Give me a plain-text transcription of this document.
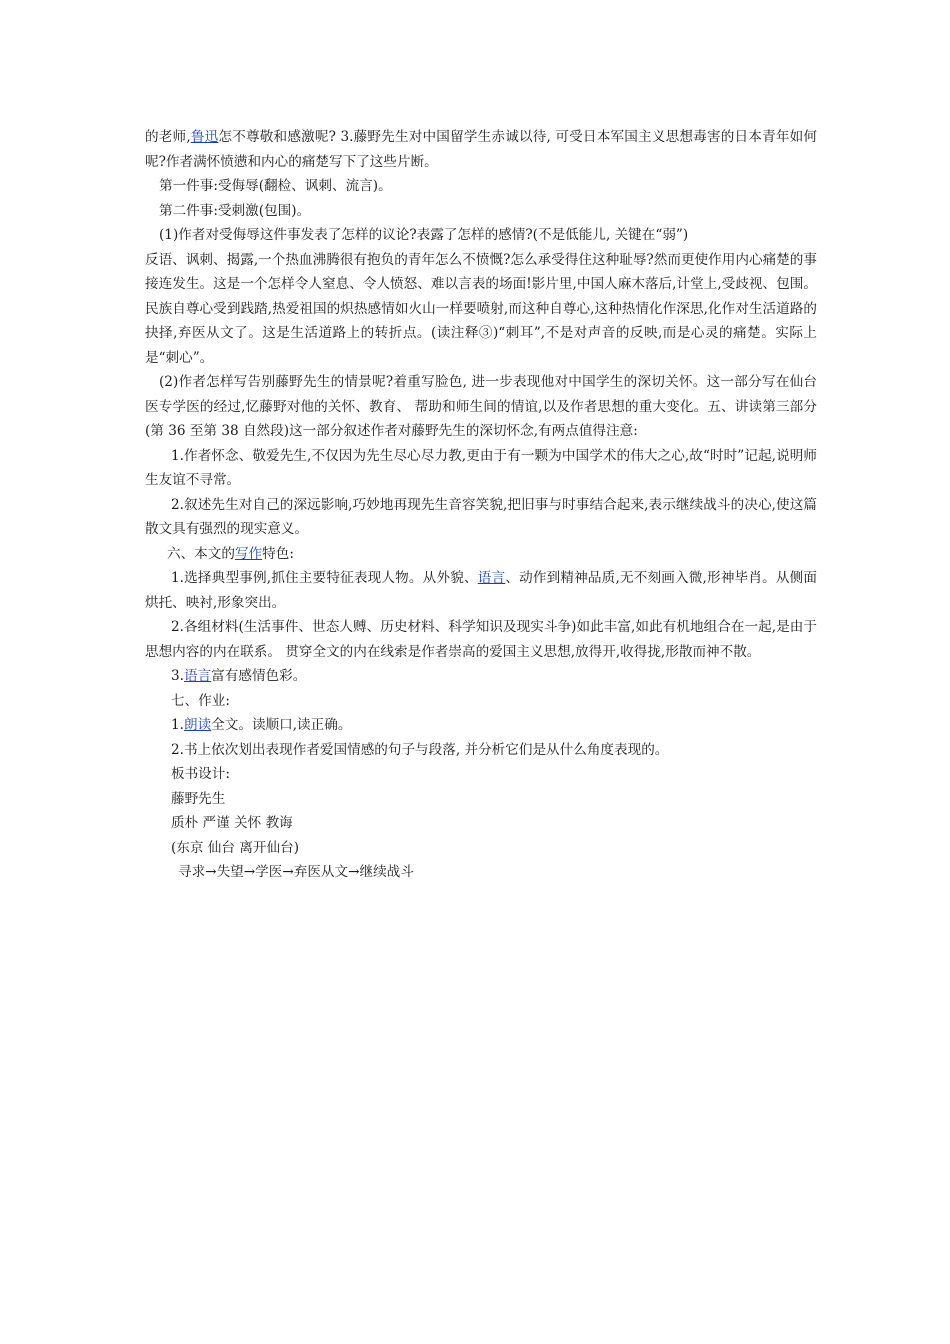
的老师,鲁迅怎不尊敬和感激呢? 3.藤野先生对中国留学生赤诚以待, 可受日本军国主义思想毒害的日本青年如何呢?作者满怀愤懑和内心的痛楚写下了这些片断。

第一件事:受侮辱(翻检、讽刺、流言)。

第二件事:受刺激(包围)。

(1)作者对受侮辱这件事发表了怎样的议论?表露了怎样的感情?(不是低能儿, 关键在“弱”)

反语、讽刺、揭露,一个热血沸腾很有抱负的青年怎么不愤慨?怎么承受得住这种耻辱?然而更使作用内心痛楚的事接连发生。这是一个怎样令人窒息、令人愤怒、难以言表的场面!影片里,中国人麻木落后,计堂上,受歧视、包围。民族自尊心受到践踏,热爱祖国的炽热感情如火山一样要喷射,而这种自尊心,这种热情化作深思,化作对生活道路的抉择,弃医从文了。这是生活道路上的转折点。(读注释③)“刺耳”,不是对声音的反映,而是心灵的痛楚。实际上是“刺心”。

(2)作者怎样写告别藤野先生的情景呢?着重写脸色, 进一步表现他对中国学生的深切关怀。这一部分写在仙台医专学医的经过,忆藤野对他的关怀、教育、 帮助和师生间的情谊,以及作者思想的重大变化。五、讲读第三部分(第 36 至第 38 自然段)这一部分叙述作者对藤野先生的深切怀念,有两点值得注意:

1.作者怀念、敬爱先生,不仅因为先生尽心尽力教,更由于有一颗为中国学术的伟大之心,故“时时”记起,说明师生友谊不寻常。

2.叙述先生对自己的深远影响,巧妙地再现先生音容笑貌,把旧事与时事结合起来,表示继续战斗的决心,使这篇散文具有强烈的现实意义。

六、本文的写作特色:

1.选择典型事例,抓住主要特征表现人物。从外貌、语言、动作到精神品质,无不刻画入微,形神毕肖。从侧面烘托、映衬,形象突出。

2.各组材料(生活事件、世态人赙、历史材料、科学知识及现实斗争)如此丰富,如此有机地组合在一起,是由于思想内容的内在联系。 贯穿全文的内在线索是作者崇高的爱国主义思想,放得开,收得拢,形散而神不散。

3.语言富有感情色彩。

七、作业:

1.朗读全文。读顺口,读正确。

2.书上依次划出表现作者爱国情感的句子与段落, 并分析它们是从什么角度表现的。

板书设计:

藤野先生

质朴 严谨 关怀 教诲

(东京 仙台 离开仙台)

寻求→失望→学医→弃医从文→继续战斗
